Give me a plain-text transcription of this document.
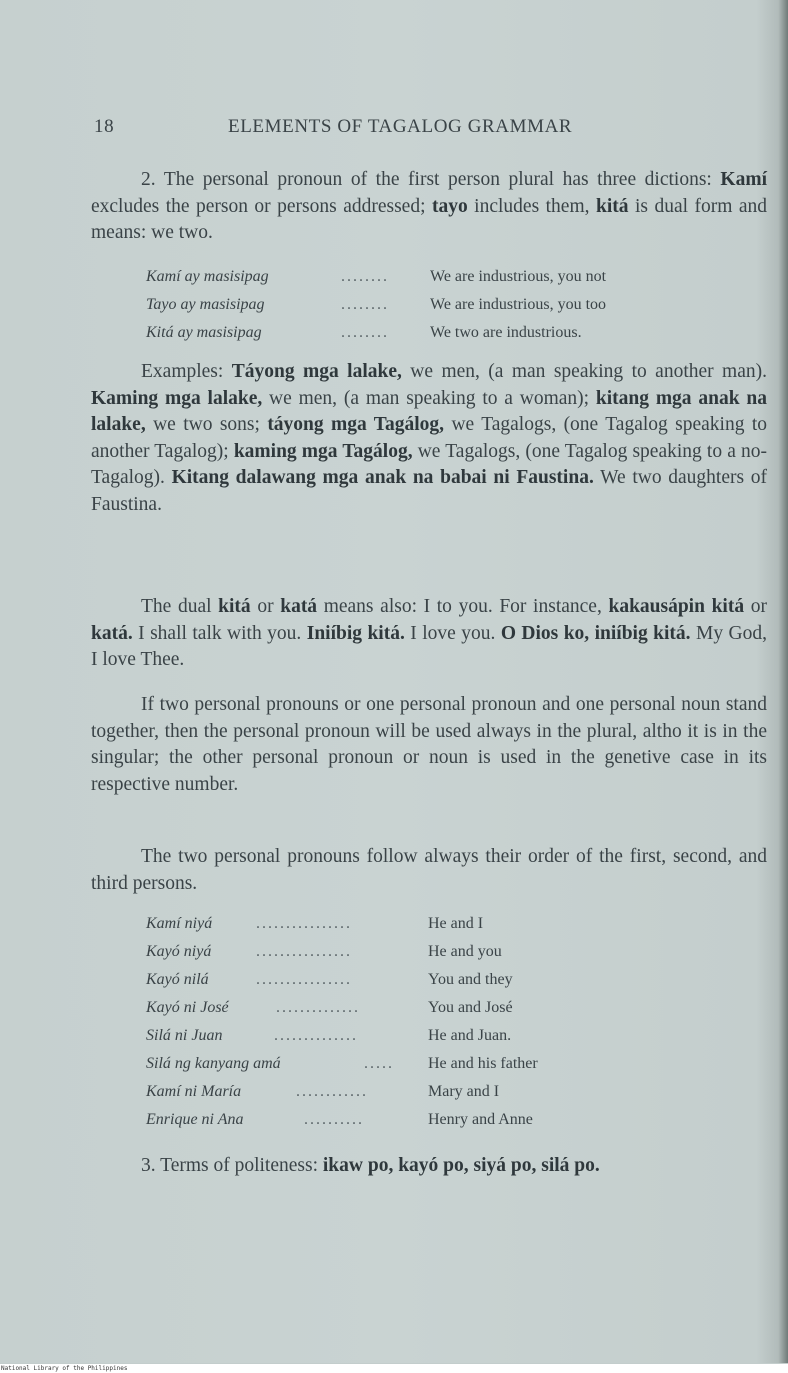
18	ELEMENTS OF TAGALOG GRAMMAR

2. The personal pronoun of the first person plural has three dictions: Kamí excludes the person or persons addressed; tayo includes them, kitá is dual form and means: we two.

Kamí ay masisipag	........	We are industrious, you not
Tayo ay masisipag	........	We are industrious, you too
Kitá ay masisipag	........	We two are industrious.

Examples: Táyong mga lalake, we men, (a man speaking to another man). Kaming mga lalake, we men, (a man speaking to a woman); kitang mga anak na lalake, we two sons; táyong mga Tagálog, we Tagalogs, (one Tagalog speaking to another Tagalog); kaming mga Tagálog, we Tagalogs, (one Tagalog speaking to a no-Tagalog). Kitang dalawang mga anak na babai ni Faustina. We two daughters of Faustina.

The dual kitá or katá means also: I to you. For instance, kakausápin kitá or katá. I shall talk with you. Iniíbig kitá. I love you. O Dios ko, iniíbig kitá. My God, I love Thee.

If two personal pronouns or one personal pronoun and one personal noun stand together, then the personal pronoun will be used always in the plural, altho it is in the singular; the other personal pronoun or noun is used in the genetive case in its respective number.

The two personal pronouns follow always their order of the first, second, and third persons.

Kamí niyá	................	He and I
Kayó niyá	................	He and you
Kayó nilá	................	You and they
Kayó ni José	..............	You and José
Silá ni Juan	..............	He and Juan.
Silá ng kanyang amá	..... He and his father
Kamí ni María	............	Mary and I
Enrique ni Ana	..........	Henry and Anne

3. Terms of politeness: ikaw po, kayó po, siyá po, silá po.

National Library of the Philippines
